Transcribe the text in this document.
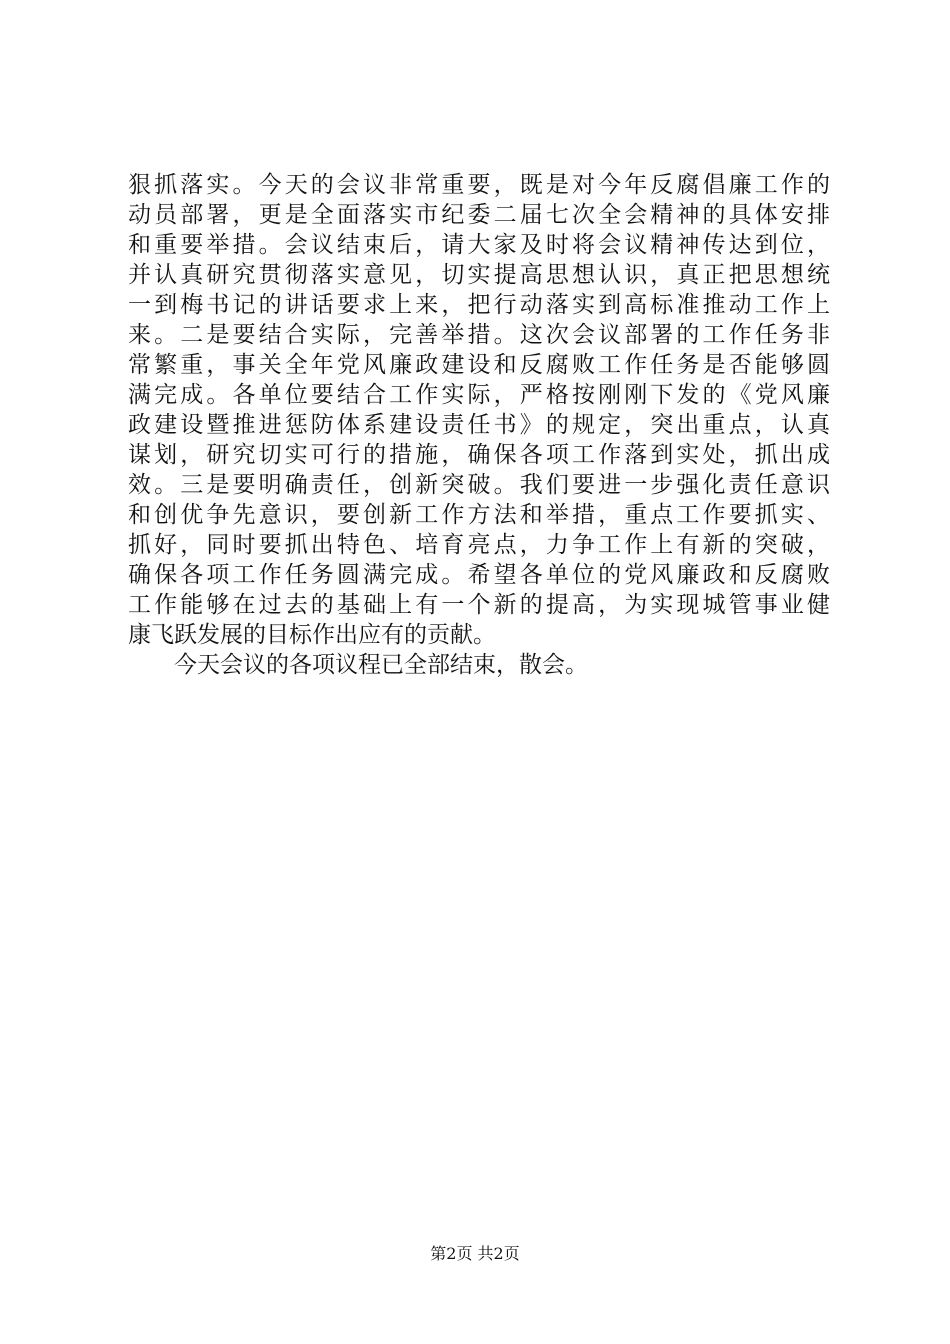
狠抓落实。今天的会议非常重要，既是对今年反腐倡廉工作的
动员部署，更是全面落实市纪委二届七次全会精神的具体安排
和重要举措。会议结束后，请大家及时将会议精神传达到位，
并认真研究贯彻落实意见，切实提高思想认识，真正把思想统
一到梅书记的讲话要求上来，把行动落实到高标准推动工作上
来。二是要结合实际，完善举措。这次会议部署的工作任务非
常繁重，事关全年党风廉政建设和反腐败工作任务是否能够圆
满完成。各单位要结合工作实际，严格按刚刚下发的《党风廉
政建设暨推进惩防体系建设责任书》的规定，突出重点，认真
谋划，研究切实可行的措施，确保各项工作落到实处，抓出成
效。三是要明确责任，创新突破。我们要进一步强化责任意识
和创优争先意识，要创新工作方法和举措，重点工作要抓实、
抓好，同时要抓出特色、培育亮点，力争工作上有新的突破，
确保各项工作任务圆满完成。希望各单位的党风廉政和反腐败
工作能够在过去的基础上有一个新的提高，为实现城管事业健
康飞跃发展的目标作出应有的贡献。
今天会议的各项议程已全部结束，散会。
第2页 共2页
